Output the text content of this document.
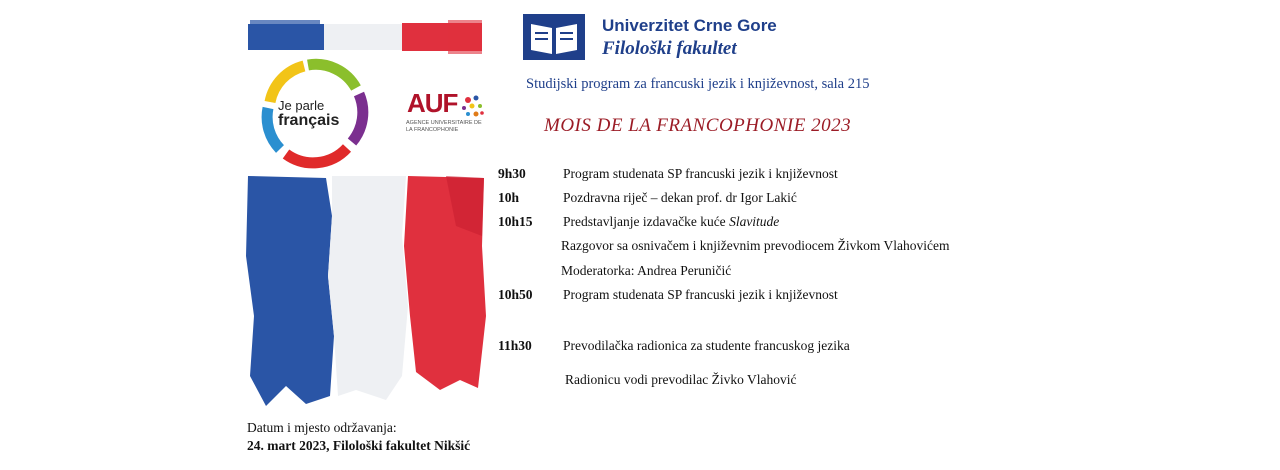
Je parle
français
AUF
AGENCE UNIVERSITAIRE DE LA FRANCOPHONIE
Univerzitet Crne Gore
Filološki fakultet
Studijski program za francuski jezik i književnost, sala 215
MOIS DE LA FRANCOPHONIE 2023
9h30	Program studenata SP francuski jezik i književnost
10h	Pozdravna riječ – dekan prof. dr Igor Lakić
10h15 Predstavljanje izdavačke kuće Slavitude
Razgovor sa osnivačem i književnim prevodiocem Živkom Vlahovićem
Moderatorka: Andrea Peruničić
10h50 Program studenata SP francuski jezik i književnost
11h30 Prevodilačka radionica za studente francuskog jezika
Radionicu vodi prevodilac Živko Vlahović
Datum i mjesto održavanja:
24. mart 2023, Filološki fakultet Nikšić
